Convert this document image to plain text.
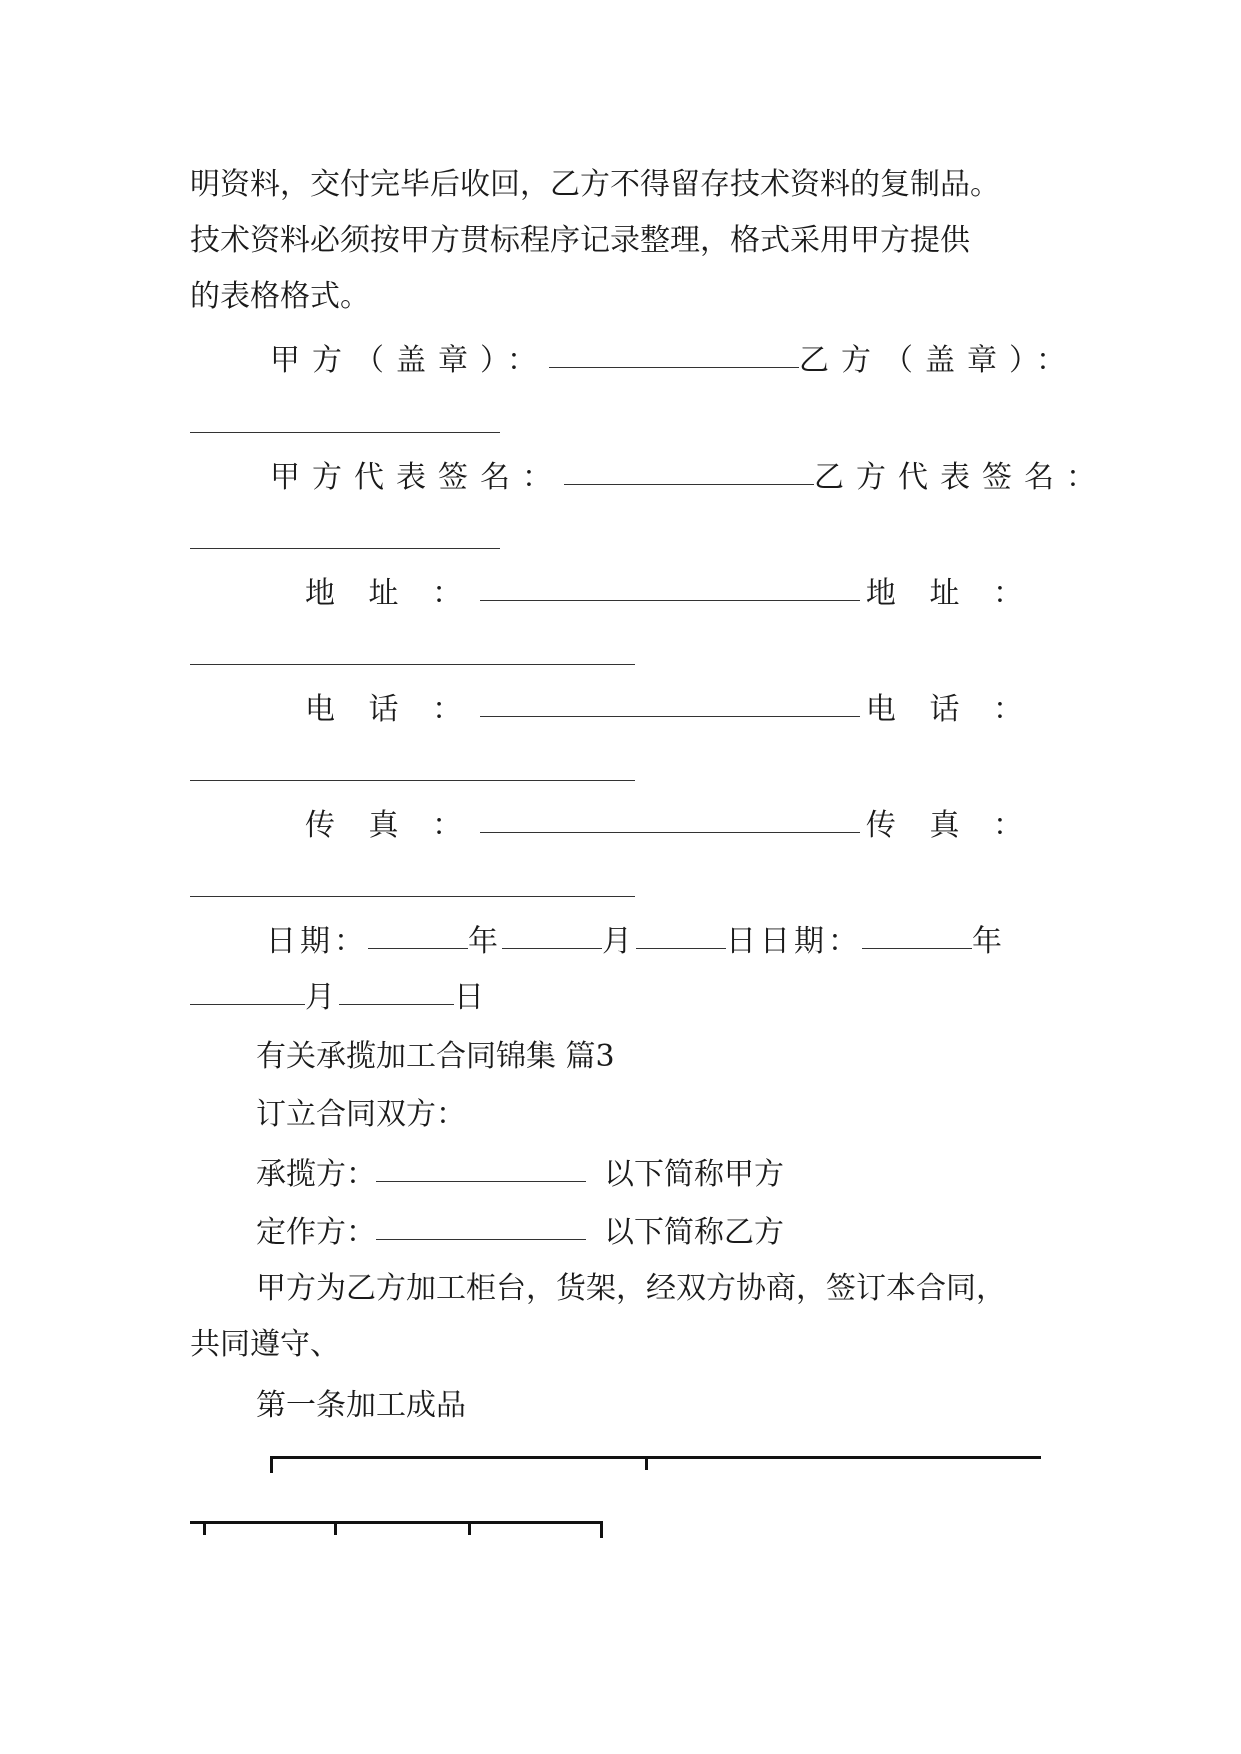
明资料，交付完毕后收回，乙方不得留存技术资料的复制品。
技术资料必须按甲方贯标程序记录整理，格式采用甲方提供
的表格格式。
甲方（盖章）：	乙方（盖章）：
甲方代表签名：	乙方代表签名：
地 址 ：	地 址 ：
电 话 ：	电 话 ：
传 真 ：	传 真 ：
日期：	年	月	日日期：	年
月	日
有关承揽加工合同锦集 篇3
订立合同双方：
承揽方：	以下简称甲方
定作方：	以下简称乙方
甲方为乙方加工柜台，货架，经双方协商，签订本合同，
共同遵守、
第一条加工成品
